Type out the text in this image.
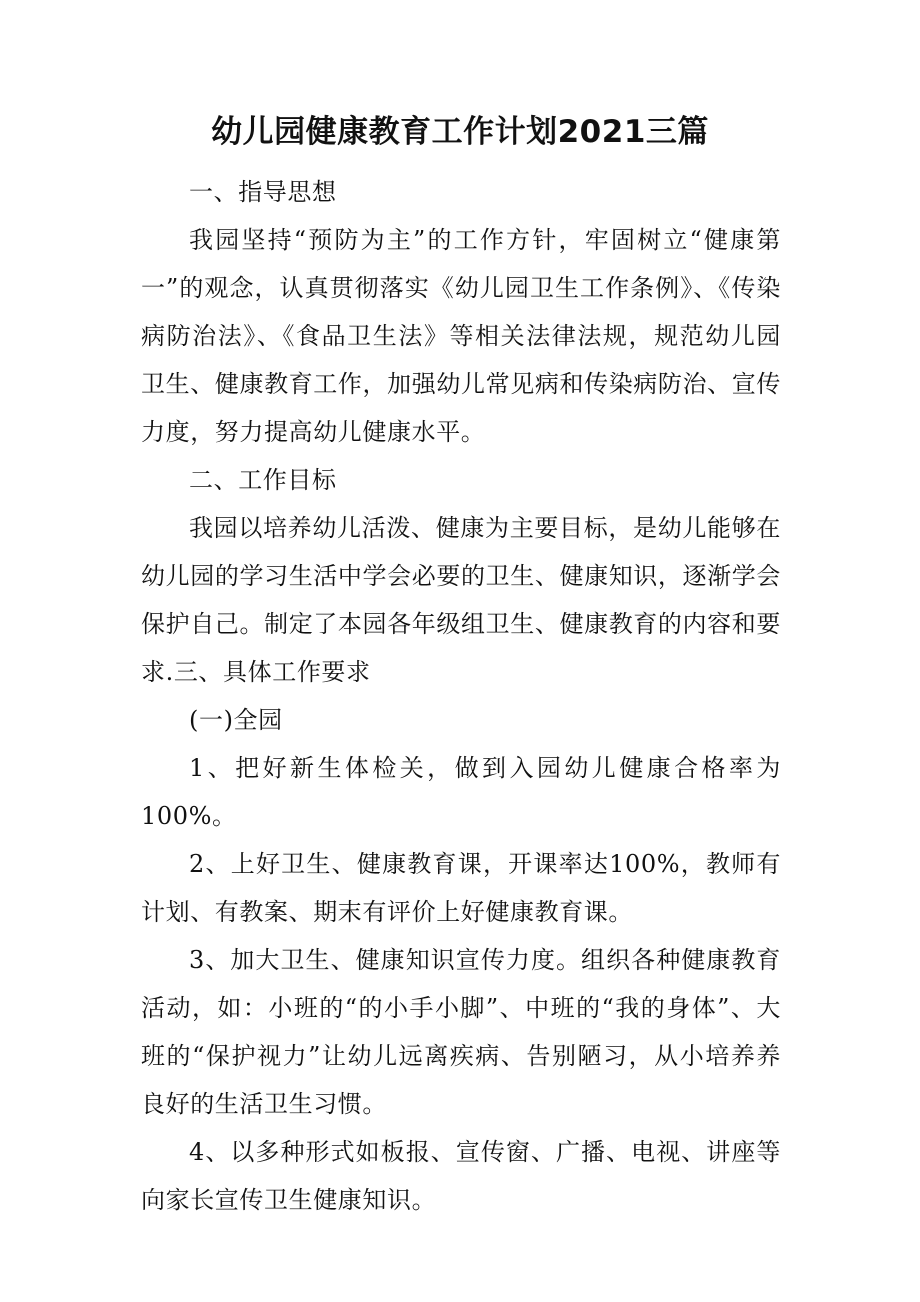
幼儿园健康教育工作计划2021三篇

一、指导思想

我园坚持“预防为主”的工作方针，牢固树立“健康第一”的观念，认真贯彻落实《幼儿园卫生工作条例》、《传染病防治法》、《食品卫生法》等相关法律法规，规范幼儿园卫生、健康教育工作，加强幼儿常见病和传染病防治、宣传力度，努力提高幼儿健康水平。

二、工作目标

我园以培养幼儿活泼、健康为主要目标，是幼儿能够在幼儿园的学习生活中学会必要的卫生、健康知识，逐渐学会保护自己。制定了本园各年级组卫生、健康教育的内容和要求.三、具体工作要求

(一)全园

1、把好新生体检关，做到入园幼儿健康合格率为100%。

2、上好卫生、健康教育课，开课率达100%，教师有计划、有教案、期末有评价上好健康教育课。

3、加大卫生、健康知识宣传力度。组织各种健康教育活动，如：小班的“的小手小脚”、中班的“我的身体”、大班的“保护视力”让幼儿远离疾病、告别陋习，从小培养养良好的生活卫生习惯。

4、以多种形式如板报、宣传窗、广播、电视、讲座等向家长宣传卫生健康知识。
